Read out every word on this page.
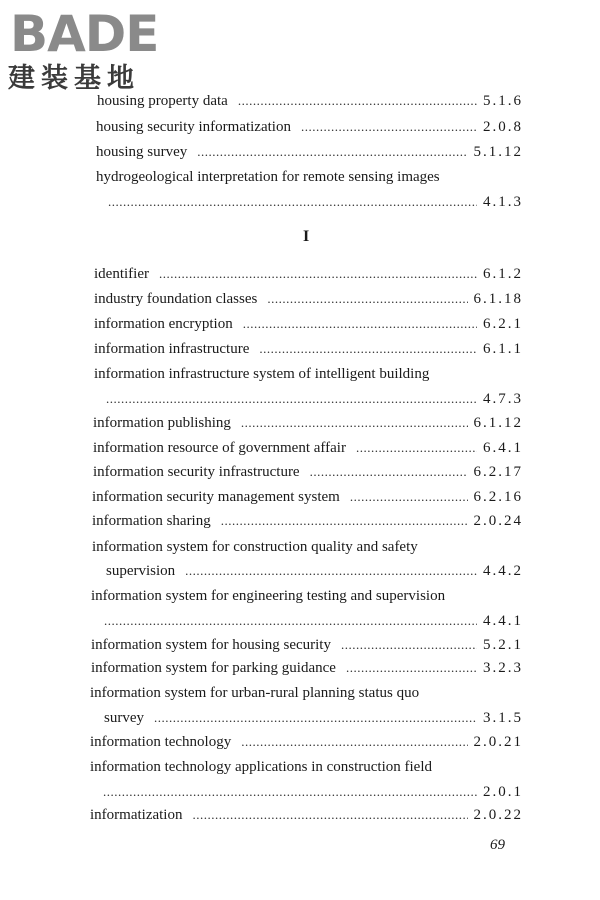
BADE
建装基地
housing property data .....	5.1.6
housing security informatization .....	2.0.8
housing survey .....	5.1.12
hydrogeological interpretation for remote sensing images
.....
4.1.3
I
identifier .....	6.1.2
industry foundation classes .....	6.1.18
information encryption .....	6.2.1
information infrastructure .....	6.1.1
information infrastructure system of intelligent building
.....
4.7.3
information publishing .....	6.1.12
information resource of government affair .....	6.4.1
information security infrastructure .....	6.2.17
information security management system .....	6.2.16
information sharing .....	2.0.24
information system for construction quality and safety
supervision .....	4.4.2
information system for engineering testing and supervision
.....
4.4.1
information system for housing security .....	5.2.1
information system for parking guidance .....	3.2.3
information system for urban-rural planning status quo
survey .....	3.1.5
information technology .....	2.0.21
information technology applications in construction field
.....
2.0.1
informatization .....	2.0.22
69
